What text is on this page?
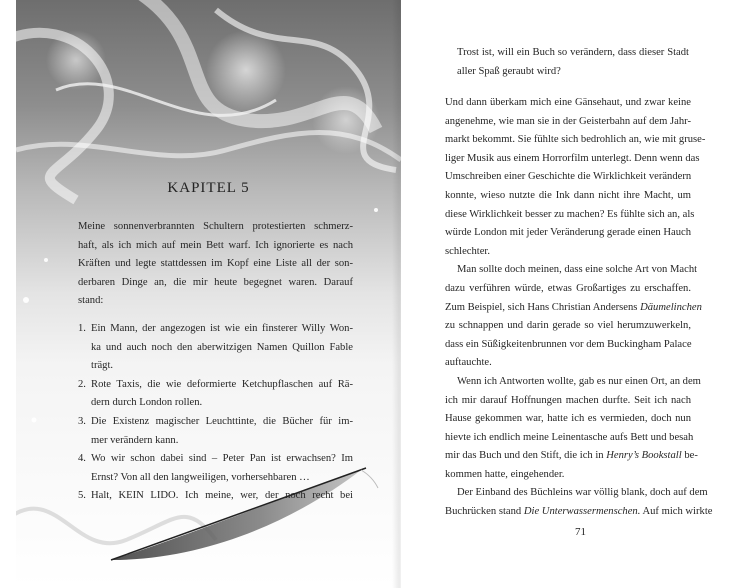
KAPITEL 5
Meine sonnenverbrannten Schultern protestierten schmerz-
haft, als ich mich auf mein Bett warf. Ich ignorierte es nach
Kräften und legte stattdessen im Kopf eine Liste all der son-
derbaren Dinge an, die mir heute begegnet waren. Darauf
stand:
1. Ein Mann, der angezogen ist wie ein finsterer Willy Won-
ka und auch noch den aberwitzigen Namen Quillon Fable
trägt.
2. Rote Taxis, die wie deformierte Ketchupflaschen auf Rä-
dern durch London rollen.
3. Die Existenz magischer Leuchttinte, die Bücher für im-
mer verändern kann.
4. Wo wir schon dabei sind – Peter Pan ist erwachsen? Im
Ernst? Von all den langweiligen, vorhersehbaren …
5. Halt, KEIN LIDO. Ich meine, wer, der noch recht bei
Trost ist, will ein Buch so verändern, dass dieser Stadt
aller Spaß geraubt wird?
Und dann überkam mich eine Gänsehaut, und zwar keine
angenehme, wie man sie in der Geisterbahn auf dem Jahr-
markt bekommt. Sie fühlte sich bedrohlich an, wie mit gruse-
liger Musik aus einem Horrorfilm unterlegt. Denn wenn das
Umschreiben einer Geschichte die Wirklichkeit verändern
konnte, wieso nutzte die Ink dann nicht ihre Macht, um
diese Wirklichkeit besser zu machen? Es fühlte sich an, als
würde London mit jeder Veränderung gerade einen Hauch
schlechter.
Man sollte doch meinen, dass eine solche Art von Macht
dazu verführen würde, etwas Großartiges zu erschaffen.
Zum Beispiel, sich Hans Christian Andersens Däumelinchen
zu schnappen und darin gerade so viel herumzuwerkeln,
dass ein Süßigkeitenbrunnen vor dem Buckingham Palace
auftauchte.
Wenn ich Antworten wollte, gab es nur einen Ort, an dem
ich mir darauf Hoffnungen machen durfte. Seit ich nach
Hause gekommen war, hatte ich es vermieden, doch nun
hievte ich endlich meine Leinentasche aufs Bett und besah
mir das Buch und den Stift, die ich in Henry’s Bookstall be-
kommen hatte, eingehender.
Der Einband des Büchleins war völlig blank, doch auf dem
Buchrücken stand Die Unterwassermenschen. Auf mich wirkte
71
